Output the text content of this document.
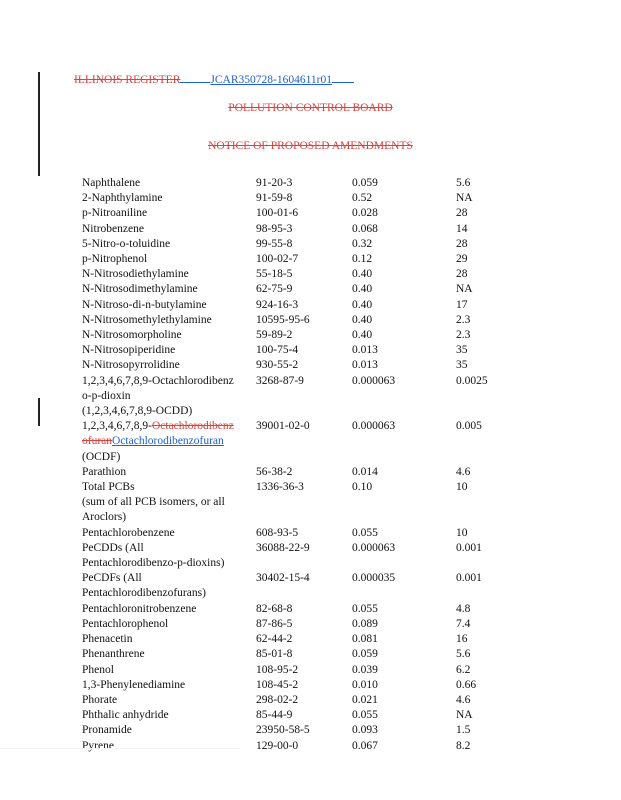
ILLINOIS REGISTER	JCAR350728-1604611r01
POLLUTION CONTROL BOARD
NOTICE OF PROPOSED AMENDMENTS
Naphthalene	91-20-3	0.059	5.6
2-Naphthylamine	91-59-8	0.52	NA
p-Nitroaniline	100-01-6	0.028	28
Nitrobenzene	98-95-3	0.068	14
5-Nitro-o-toluidine	99-55-8	0.32	28
p-Nitrophenol	100-02-7	0.12	29
N-Nitrosodiethylamine	55-18-5	0.40	28
N-Nitrosodimethylamine	62-75-9	0.40	NA
N-Nitroso-di-n-butylamine	924-16-3	0.40	17
N-Nitrosomethylethylamine	10595-95-6	0.40	2.3
N-Nitrosomorpholine	59-89-2	0.40	2.3
N-Nitrosopiperidine	100-75-4	0.013	35
N-Nitrosopyrrolidine	930-55-2	0.013	35
1,2,3,4,6,7,8,9-Octachlorodibenz	3268-87-9	0.000063	0.0025
o-p-dioxin			
(1,2,3,4,6,7,8,9-OCDD)			
1,2,3,4,6,7,8,9-Octachlorodibenz	39001-02-0	0.000063	0.005
ofuranOctachlorodibenzofuran			
(OCDF)			
Parathion	56-38-2	0.014	4.6
Total PCBs	1336-36-3	0.10	10
(sum of all PCB isomers, or all			
Aroclors)			
Pentachlorobenzene	608-93-5	0.055	10
PeCDDs (All	36088-22-9	0.000063	0.001
Pentachlorodibenzo-p-dioxins)			
PeCDFs (All	30402-15-4	0.000035	0.001
Pentachlorodibenzofurans)			
Pentachloronitrobenzene	82-68-8	0.055	4.8
Pentachlorophenol	87-86-5	0.089	7.4
Phenacetin	62-44-2	0.081	16
Phenanthrene	85-01-8	0.059	5.6
Phenol	108-95-2	0.039	6.2
1,3-Phenylenediamine	108-45-2	0.010	0.66
Phorate	298-02-2	0.021	4.6
Phthalic anhydride	85-44-9	0.055	NA
Pronamide	23950-58-5	0.093	1.5
Pyrene	129-00-0	0.067	8.2
